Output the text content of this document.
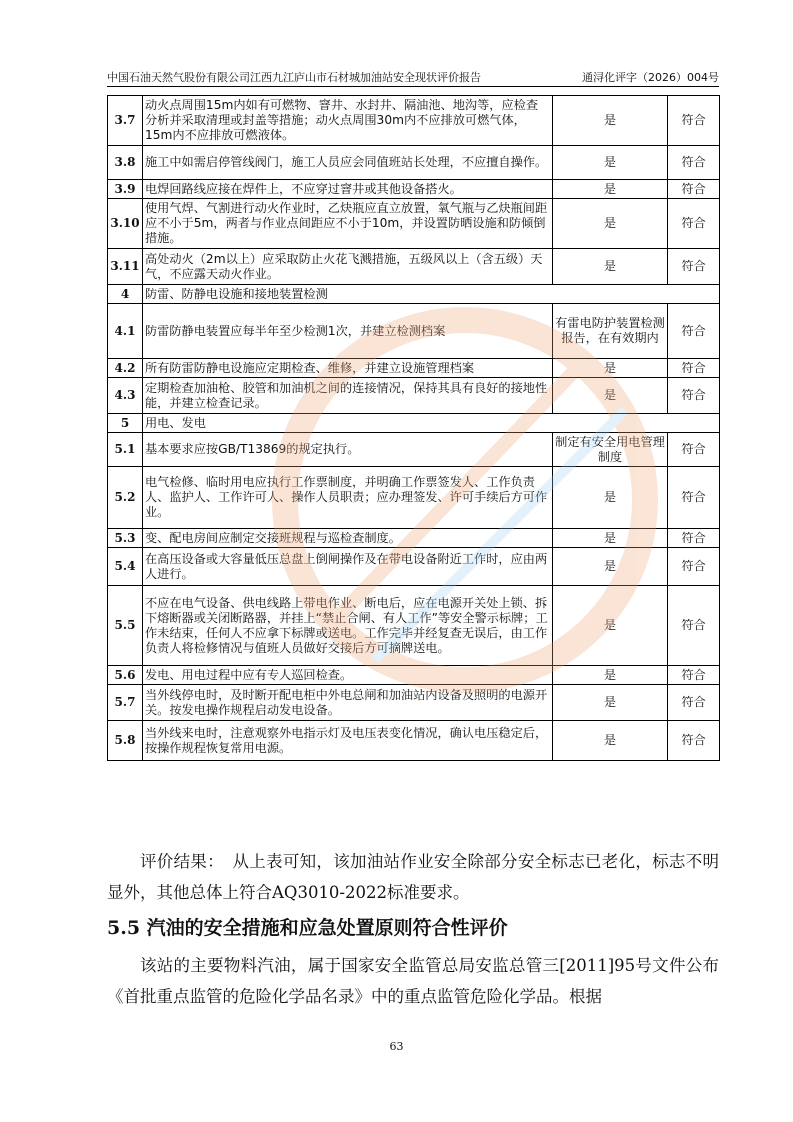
中国石油天然气股份有限公司江西九江庐山市石材城加油站安全现状评价报告	通浔化评字（2026）004号
3.7	动火点周围15m内如有可燃物、窨井、水封井、隔油池、地沟等，应检查分析并采取清理或封盖等措施；动火点周围30m内不应排放可燃气体，15m内不应排放可燃液体。	是	符合
3.8	施工中如需启停管线阀门，施工人员应会同值班站长处理，不应擅自操作。	是	符合
3.9	电焊回路线应接在焊件上，不应穿过窨井或其他设备搭火。	是	符合
3.10	使用气焊、气割进行动火作业时，乙炔瓶应直立放置，氧气瓶与乙炔瓶间距应不小于5m，两者与作业点间距应不小于10m，并设置防晒设施和防倾倒措施。	是	符合
3.11	高处动火（2m以上）应采取防止火花飞溅措施，五级风以上（含五级）天气，不应露天动火作业。	是	符合
4	防雷、防静电设施和接地装置检测		
4.1	防雷防静电装置应每半年至少检测1次，并建立检测档案	有雷电防护装置检测报告，在有效期内	符合
4.2	所有防雷防静电设施应定期检查、维修，并建立设施管理档案	是	符合
4.3	定期检查加油枪、胶管和加油机之间的连接情况，保持其具有良好的接地性能，并建立检查记录。	是	符合
5	用电、发电		
5.1	基本要求应按GB/T13869的规定执行。	制定有安全用电管理制度	符合
5.2	电气检修、临时用电应执行工作票制度，并明确工作票签发人、工作负责人、监护人、工作许可人、操作人员职责；应办理签发、许可手续后方可作业。	是	符合
5.3	变、配电房间应制定交接班规程与巡检查制度。	是	符合
5.4	在高压设备或大容量低压总盘上倒闸操作及在带电设备附近工作时，应由两人进行。	是	符合
5.5	不应在电气设备、供电线路上带电作业、断电后，应在电源开关处上锁、拆下熔断器或关闭断路器，并挂上“禁止合闸、有人工作”等安全警示标牌；工作未结束，任何人不应拿下标牌或送电。工作完毕并经复查无误后，由工作负责人将检修情况与值班人员做好交接后方可摘牌送电。	是	符合
5.6	发电、用电过程中应有专人巡回检查。	是	符合
5.7	当外线停电时，及时断开配电柜中外电总闸和加油站内设备及照明的电源开关。按发电操作规程启动发电设备。	是	符合
5.8	当外线来电时，注意观察外电指示灯及电压表变化情况，确认电压稳定后，按操作规程恢复常用电源。	是	符合
评价结果：　从上表可知，该加油站作业安全除部分安全标志已老化，标志不明显外，其他总体上符合AQ3010-2022标准要求。
5.5 汽油的安全措施和应急处置原则符合性评价
该站的主要物料汽油，属于国家安全监管总局安监总管三[2011]95号文件公布《首批重点监管的危险化学品名录》中的重点监管危险化学品。根据
63
